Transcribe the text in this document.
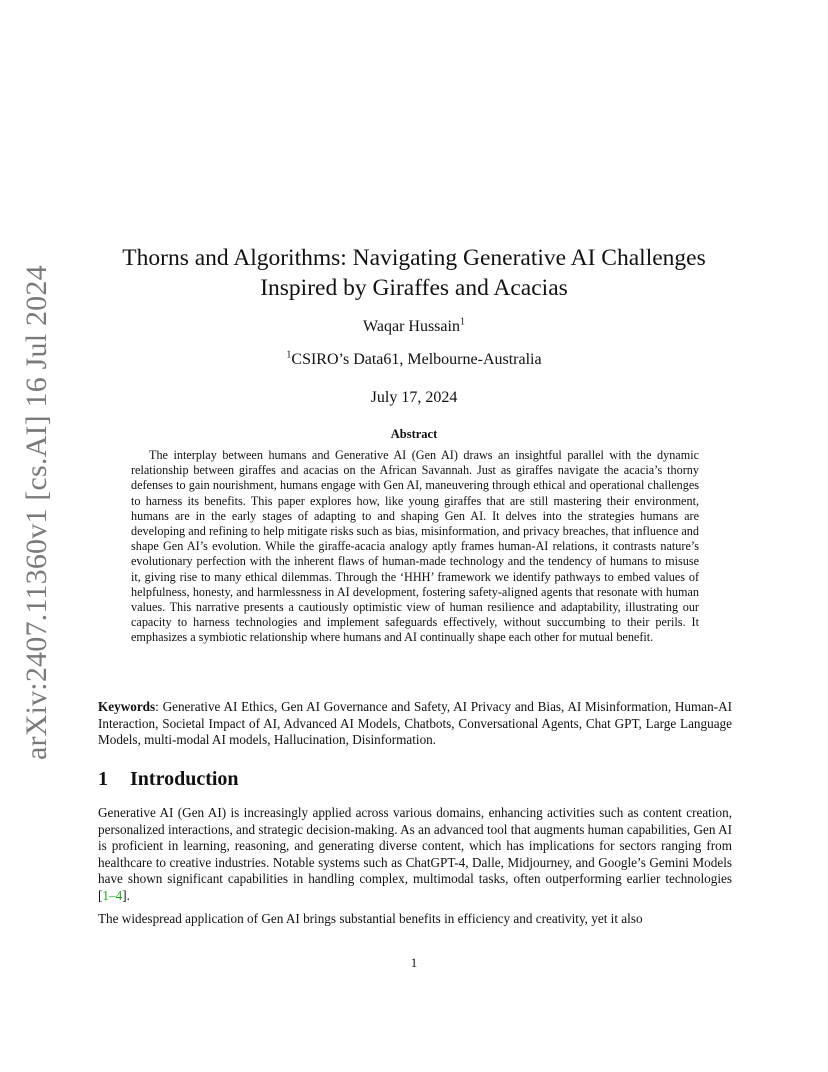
arXiv:2407.11360v1 [cs.AI] 16 Jul 2024
Thorns and Algorithms: Navigating Generative AI Challenges
Inspired by Giraffes and Acacias
Waqar Hussain$^1$
$^1$CSIRO’s Data61, Melbourne-Australia
July 17, 2024
Abstract

The interplay between humans and Generative AI (Gen AI) draws an insightful parallel with the dynamic relationship between giraffes and acacias on the African Savannah. Just as giraffes navigate the acacia’s thorny defenses to gain nourishment, humans engage with Gen AI, maneuvering through ethical and operational challenges to harness its benefits. This paper explores how, like young giraffes that are still mastering their environment, humans are in the early stages of adapting to and shaping Gen AI. It delves into the strategies humans are developing and refining to help mitigate risks such as bias, misinformation, and privacy breaches, that influence and shape Gen AI’s evolution. While the giraffe-acacia analogy aptly frames human-AI relations, it contrasts nature’s evolutionary perfection with the inherent flaws of human-made technology and the tendency of humans to misuse it, giving rise to many ethical dilemmas. Through the ‘HHH’ framework we identify pathways to embed values of helpfulness, honesty, and harmlessness in AI development, fostering safety-aligned agents that resonate with human values. This narrative presents a cautiously optimistic view of human resilience and adaptability, illustrating our capacity to harness technologies and implement safeguards effectively, without succumbing to their perils. It emphasizes a symbiotic relationship where humans and AI continually shape each other for mutual benefit.

Keywords: Generative AI Ethics, Gen AI Governance and Safety, AI Privacy and Bias, AI Misinformation, Human-AI Interaction, Societal Impact of AI, Advanced AI Models, Chatbots, Conversational Agents, Chat GPT, Large Language Models, multi-modal AI models, Hallucination, Disinformation.

1 Introduction

Generative AI (Gen AI) is increasingly applied across various domains, enhancing activities such as content creation, personalized interactions, and strategic decision-making. As an advanced tool that augments human capabilities, Gen AI is proficient in learning, reasoning, and generating diverse content, which has implications for sectors ranging from healthcare to creative industries. Notable systems such as ChatGPT-4, Dalle, Midjourney, and Google’s Gemini Models have shown significant capabilities in handling complex, multimodal tasks, often outperforming earlier technologies [1–4].

The widespread application of Gen AI brings substantial benefits in efficiency and creativity, yet it also

1
